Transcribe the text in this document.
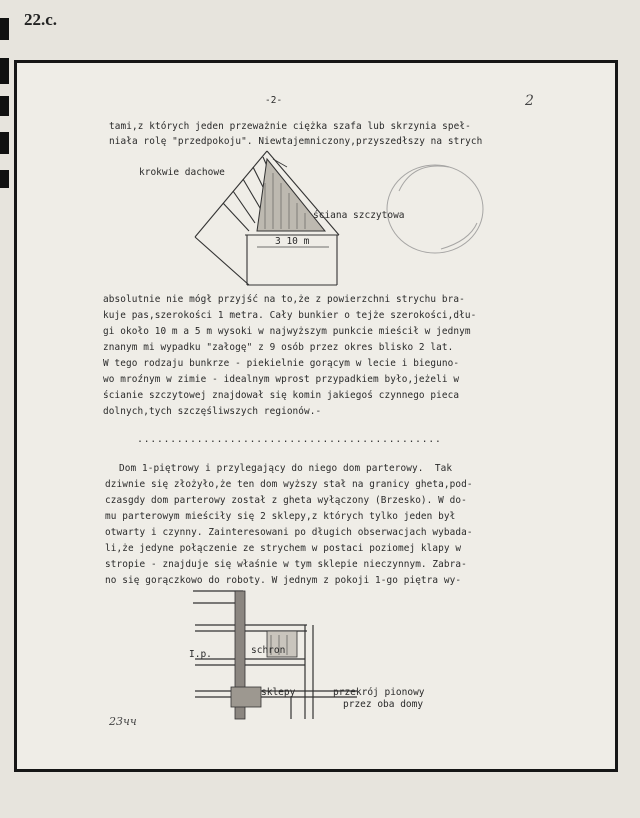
22.c.
-2-	2
tami,z których jeden przeważnie ciężka szafa lub skrzynia speł-
niała rolę "przedpokoju". Niewtajemniczony,przyszedłszy na strych
3 10 m
krokwie dachowe
ściana szczytowa
absolutnie nie mógł przyjść na to,że z powierzchni strychu bra-
kuje pas,szerokości 1 metra. Cały bunkier o tejże szerokości,dłu-
gi około 10 m a 5 m wysoki w najwyższym punkcie mieścił w jednym
znanym mi wypadku "załogę" z 9 osób przez okres blisko 2 lat.
W tego rodzaju bunkrze - piekielnie gorącym w lecie i bieguno-
wo mroźnym w zimie - idealnym wprost przypadkiem było,jeżeli w
ścianie szczytowej znajdował się komin jakiegoś czynnego pieca
dolnych,tych szczęśliwszych regionów.-
..............................................
Dom 1-piętrowy i przylegający do niego dom parterowy.  Tak
dziwnie się złożyło,że ten dom wyższy stał na granicy gheta,pod-
czasgdy dom parterowy został z gheta wyłączony (Brzesko). W do-
mu parterowym mieściły się 2 sklepy,z których tylko jeden był
otwarty i czynny. Zainteresowani po długich obserwacjach wybada-
li,że jedyne połączenie ze strychem w postaci poziomej klapy w
stropie - znajduje się właśnie w tym sklepie nieczynnym. Zabra-
no się gorączkowo do roboty. W jednym z pokoji 1-go piętra wy-
I.p.	schron
sklepy	przekrój pionowy
przez oba domy
23чч
